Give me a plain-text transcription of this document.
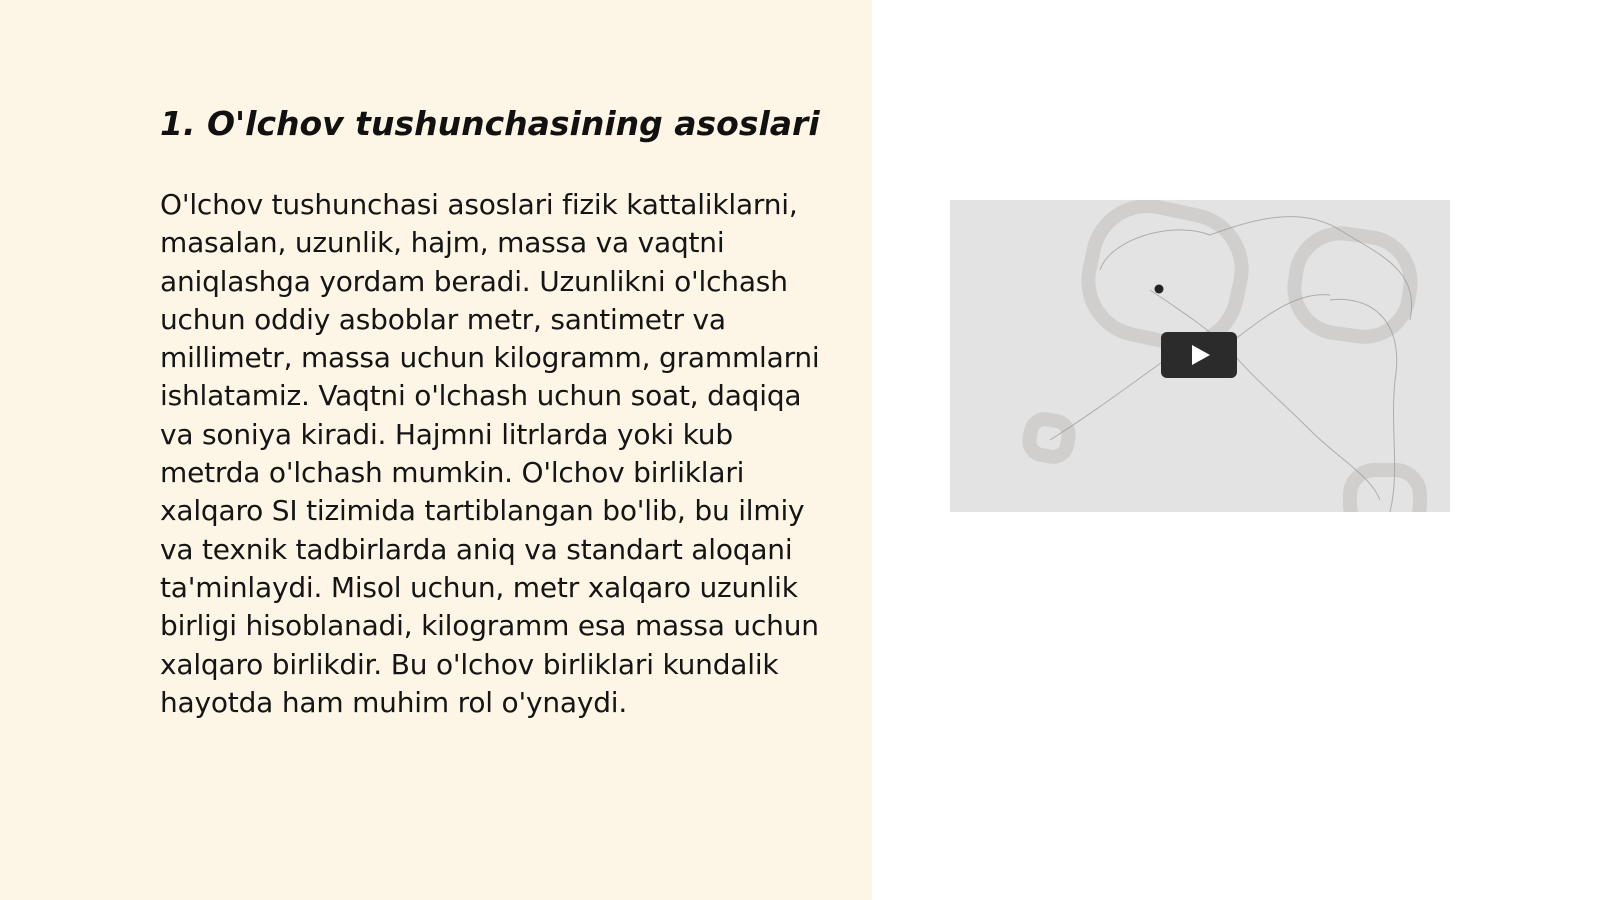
1. O'lchov tushunchasining asoslari

O'lchov tushunchasi asoslari fizik kattaliklarni, masalan, uzunlik, hajm, massa va vaqtni aniqlashga yordam beradi. Uzunlikni o'lchash uchun oddiy asboblar metr, santimetr va millimetr, massa uchun kilogramm, grammlarni ishlatamiz. Vaqtni o'lchash uchun soat, daqiqa va soniya kiradi. Hajmni litrlarda yoki kub metrda o'lchash mumkin. O'lchov birliklari xalqaro SI tizimida tartiblangan bo'lib, bu ilmiy va texnik tadbirlarda aniq va standart aloqani ta'minlaydi. Misol uchun, metr xalqaro uzunlik birligi hisoblanadi, kilogramm esa massa uchun xalqaro birlikdir. Bu o'lchov birliklari kundalik hayotda ham muhim rol o'ynaydi.
